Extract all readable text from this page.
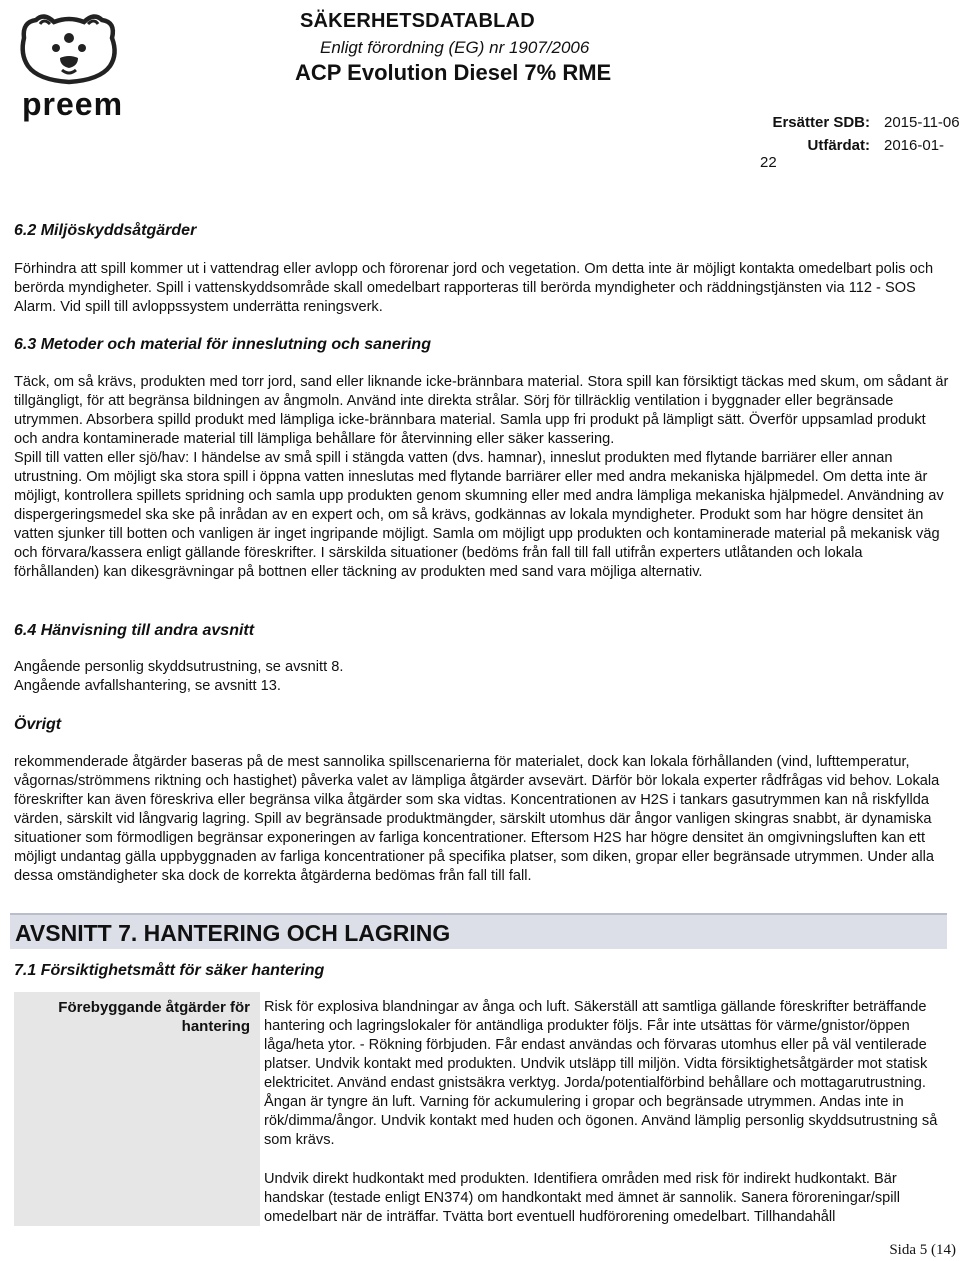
preem
SÄKERHETSDATABLAD
Enligt förordning (EG) nr 1907/2006
ACP Evolution Diesel 7% RME
Ersätter SDB: 2015-11-06
Utfärdat: 2016-01-22
6.2 Miljöskyddsåtgärder

Förhindra att spill kommer ut i vattendrag eller avlopp och förorenar jord och vegetation. Om detta inte är möjligt kontakta omedelbart polis och berörda myndigheter. Spill i vattenskyddsområde skall omedelbart rapporteras till berörda myndigheter och räddningstjänsten via 112 - SOS Alarm. Vid spill till avloppssystem underrätta reningsverk.

6.3 Metoder och material för inneslutning och sanering

Täck, om så krävs, produkten med torr jord, sand eller liknande icke-brännbara material. Stora spill kan försiktigt täckas med skum, om sådant är tillgängligt, för att begränsa bildningen av ångmoln. Använd inte direkta strålar. Sörj för tillräcklig ventilation i byggnader eller begränsade utrymmen. Absorbera spilld produkt med lämpliga icke-brännbara material. Samla upp fri produkt på lämpligt sätt. Överför uppsamlad produkt och andra kontaminerade material till lämpliga behållare för återvinning eller säker kassering.

Spill till vatten eller sjö/hav: I händelse av små spill i stängda vatten (dvs. hamnar), inneslut produkten med flytande barriärer eller annan utrustning. Om möjligt ska stora spill i öppna vatten inneslutas med flytande barriärer eller med andra mekaniska hjälpmedel. Om detta inte är möjligt, kontrollera spillets spridning och samla upp produkten genom skumning eller med andra lämpliga mekaniska hjälpmedel. Användning av dispergeringsmedel ska ske på inrådan av en expert och, om så krävs, godkännas av lokala myndigheter. Produkt som har högre densitet än vatten sjunker till botten och vanligen är inget ingripande möjligt. Samla om möjligt upp produkten och kontaminerade material på mekanisk väg och förvara/kassera enligt gällande föreskrifter. I särskilda situationer (bedöms från fall till fall utifrån experters utlåtanden och lokala förhållanden) kan dikesgrävningar på bottnen eller täckning av produkten med sand vara möjliga alternativ.

6.4 Hänvisning till andra avsnitt

Angående personlig skyddsutrustning, se avsnitt 8.

Angående avfallshantering, se avsnitt 13.

Övrigt

rekommenderade åtgärder baseras på de mest sannolika spillscenarierna för materialet, dock kan lokala förhållanden (vind, lufttemperatur, vågornas/strömmens riktning och hastighet) påverka valet av lämpliga åtgärder avsevärt. Därför bör lokala experter rådfrågas vid behov. Lokala föreskrifter kan även föreskriva eller begränsa vilka åtgärder som ska vidtas. Koncentrationen av H2S i tankars gasutrymmen kan nå riskfyllda värden, särskilt vid långvarig lagring. Spill av begränsade produktmängder, särskilt utomhus där ångor vanligen skingras snabbt, är dynamiska situationer som förmodligen begränsar exponeringen av farliga koncentrationer. Eftersom H2S har högre densitet än omgivningsluften kan ett möjligt undantag gälla uppbyggnaden av farliga koncentrationer på specifika platser, som diken, gropar eller begränsade utrymmen. Under alla dessa omständigheter ska dock de korrekta åtgärderna bedömas från fall till fall.

AVSNITT 7. HANTERING OCH LAGRING
7.1 Försiktighetsmått för säker hantering
Förebyggande åtgärder för hantering

Risk för explosiva blandningar av ånga och luft. Säkerställ att samtliga gällande föreskrifter beträffande hantering och lagringslokaler för antändliga produkter följs. Får inte utsättas för värme/gnistor/öppen låga/heta ytor. - Rökning förbjuden. Får endast användas och förvaras utomhus eller på väl ventilerade platser. Undvik kontakt med produkten. Undvik utsläpp till miljön. Vidta försiktighetsåtgärder mot statisk elektricitet. Använd endast gnistsäkra verktyg. Jorda/potentialförbind behållare och mottagarutrustning. Ångan är tyngre än luft. Varning för ackumulering i gropar och begränsade utrymmen. Andas inte in rök/dimma/ångor. Undvik kontakt med huden och ögonen. Använd lämplig personlig skyddsutrustning så som krävs.

Undvik direkt hudkontakt med produkten. Identifiera områden med risk för indirekt hudkontakt. Bär handskar (testade enligt EN374) om handkontakt med ämnet är sannolik. Sanera föroreningar/spill omedelbart när de inträffar. Tvätta bort eventuell hudförorening omedelbart. Tillhandahåll

Sida 5 (14)
